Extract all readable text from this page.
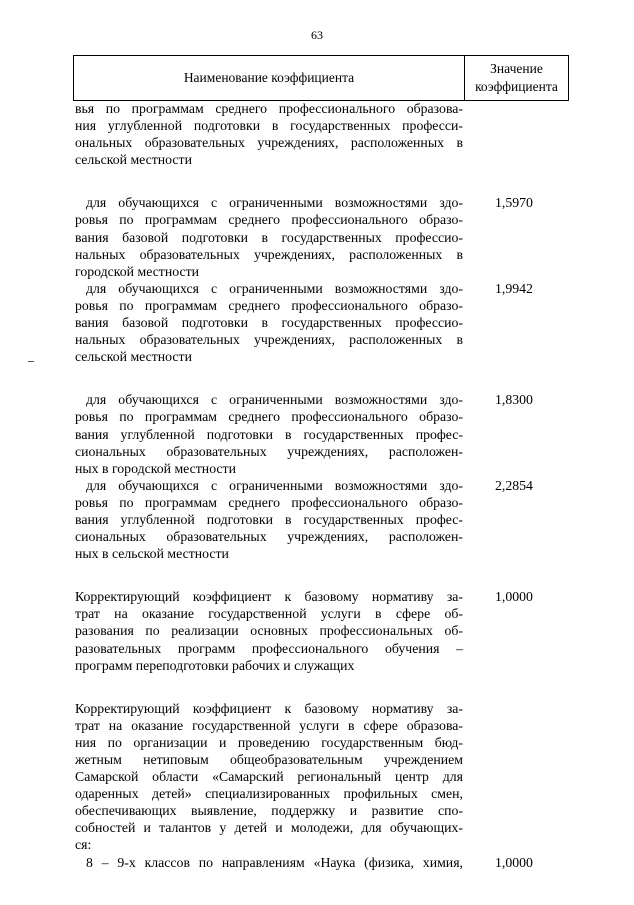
63
Наименование коэффициента
Значение
коэффициента
вья по программам среднего профессионального образова-
ния углубленной подготовки в государственных професси-
ональных образовательных учреждениях, расположенных в
сельской местности
для обучающихся с ограниченными возможностями здо-
ровья по программам среднего профессионального образо-
вания базовой подготовки в государственных профессио-
нальных образовательных учреждениях, расположенных в
городской местности
1,5970
для обучающихся с ограниченными возможностями здо-
ровья по программам среднего профессионального образо-
вания базовой подготовки в государственных профессио-
нальных образовательных учреждениях, расположенных в
сельской местности
1,9942
для обучающихся с ограниченными возможностями здо-
ровья по программам среднего профессионального образо-
вания углубленной подготовки в государственных профес-
сиональных образовательных учреждениях, расположен-
ных в городской местности
1,8300
для обучающихся с ограниченными возможностями здо-
ровья по программам среднего профессионального образо-
вания углубленной подготовки в государственных профес-
сиональных образовательных учреждениях, расположен-
ных в сельской местности
2,2854
Корректирующий коэффициент к базовому нормативу за-
трат на оказание государственной услуги в сфере об-
разования по реализации основных профессиональных об-
разовательных программ профессионального обучения –
программ переподготовки рабочих и служащих
1,0000
Корректирующий коэффициент к базовому нормативу за-
трат на оказание государственной услуги в сфере образова-
ния по организации и проведению государственным бюд-
жетным нетиповым общеобразовательным учреждением
Самарской области «Самарский региональный центр для
одаренных детей» специализированных профильных смен,
обеспечивающих выявление, поддержку и развитие спо-
собностей и талантов у детей и молодежи, для обучающих-
ся:
8 – 9-х классов по направлениям «Наука (физика, химия, 1,0000
